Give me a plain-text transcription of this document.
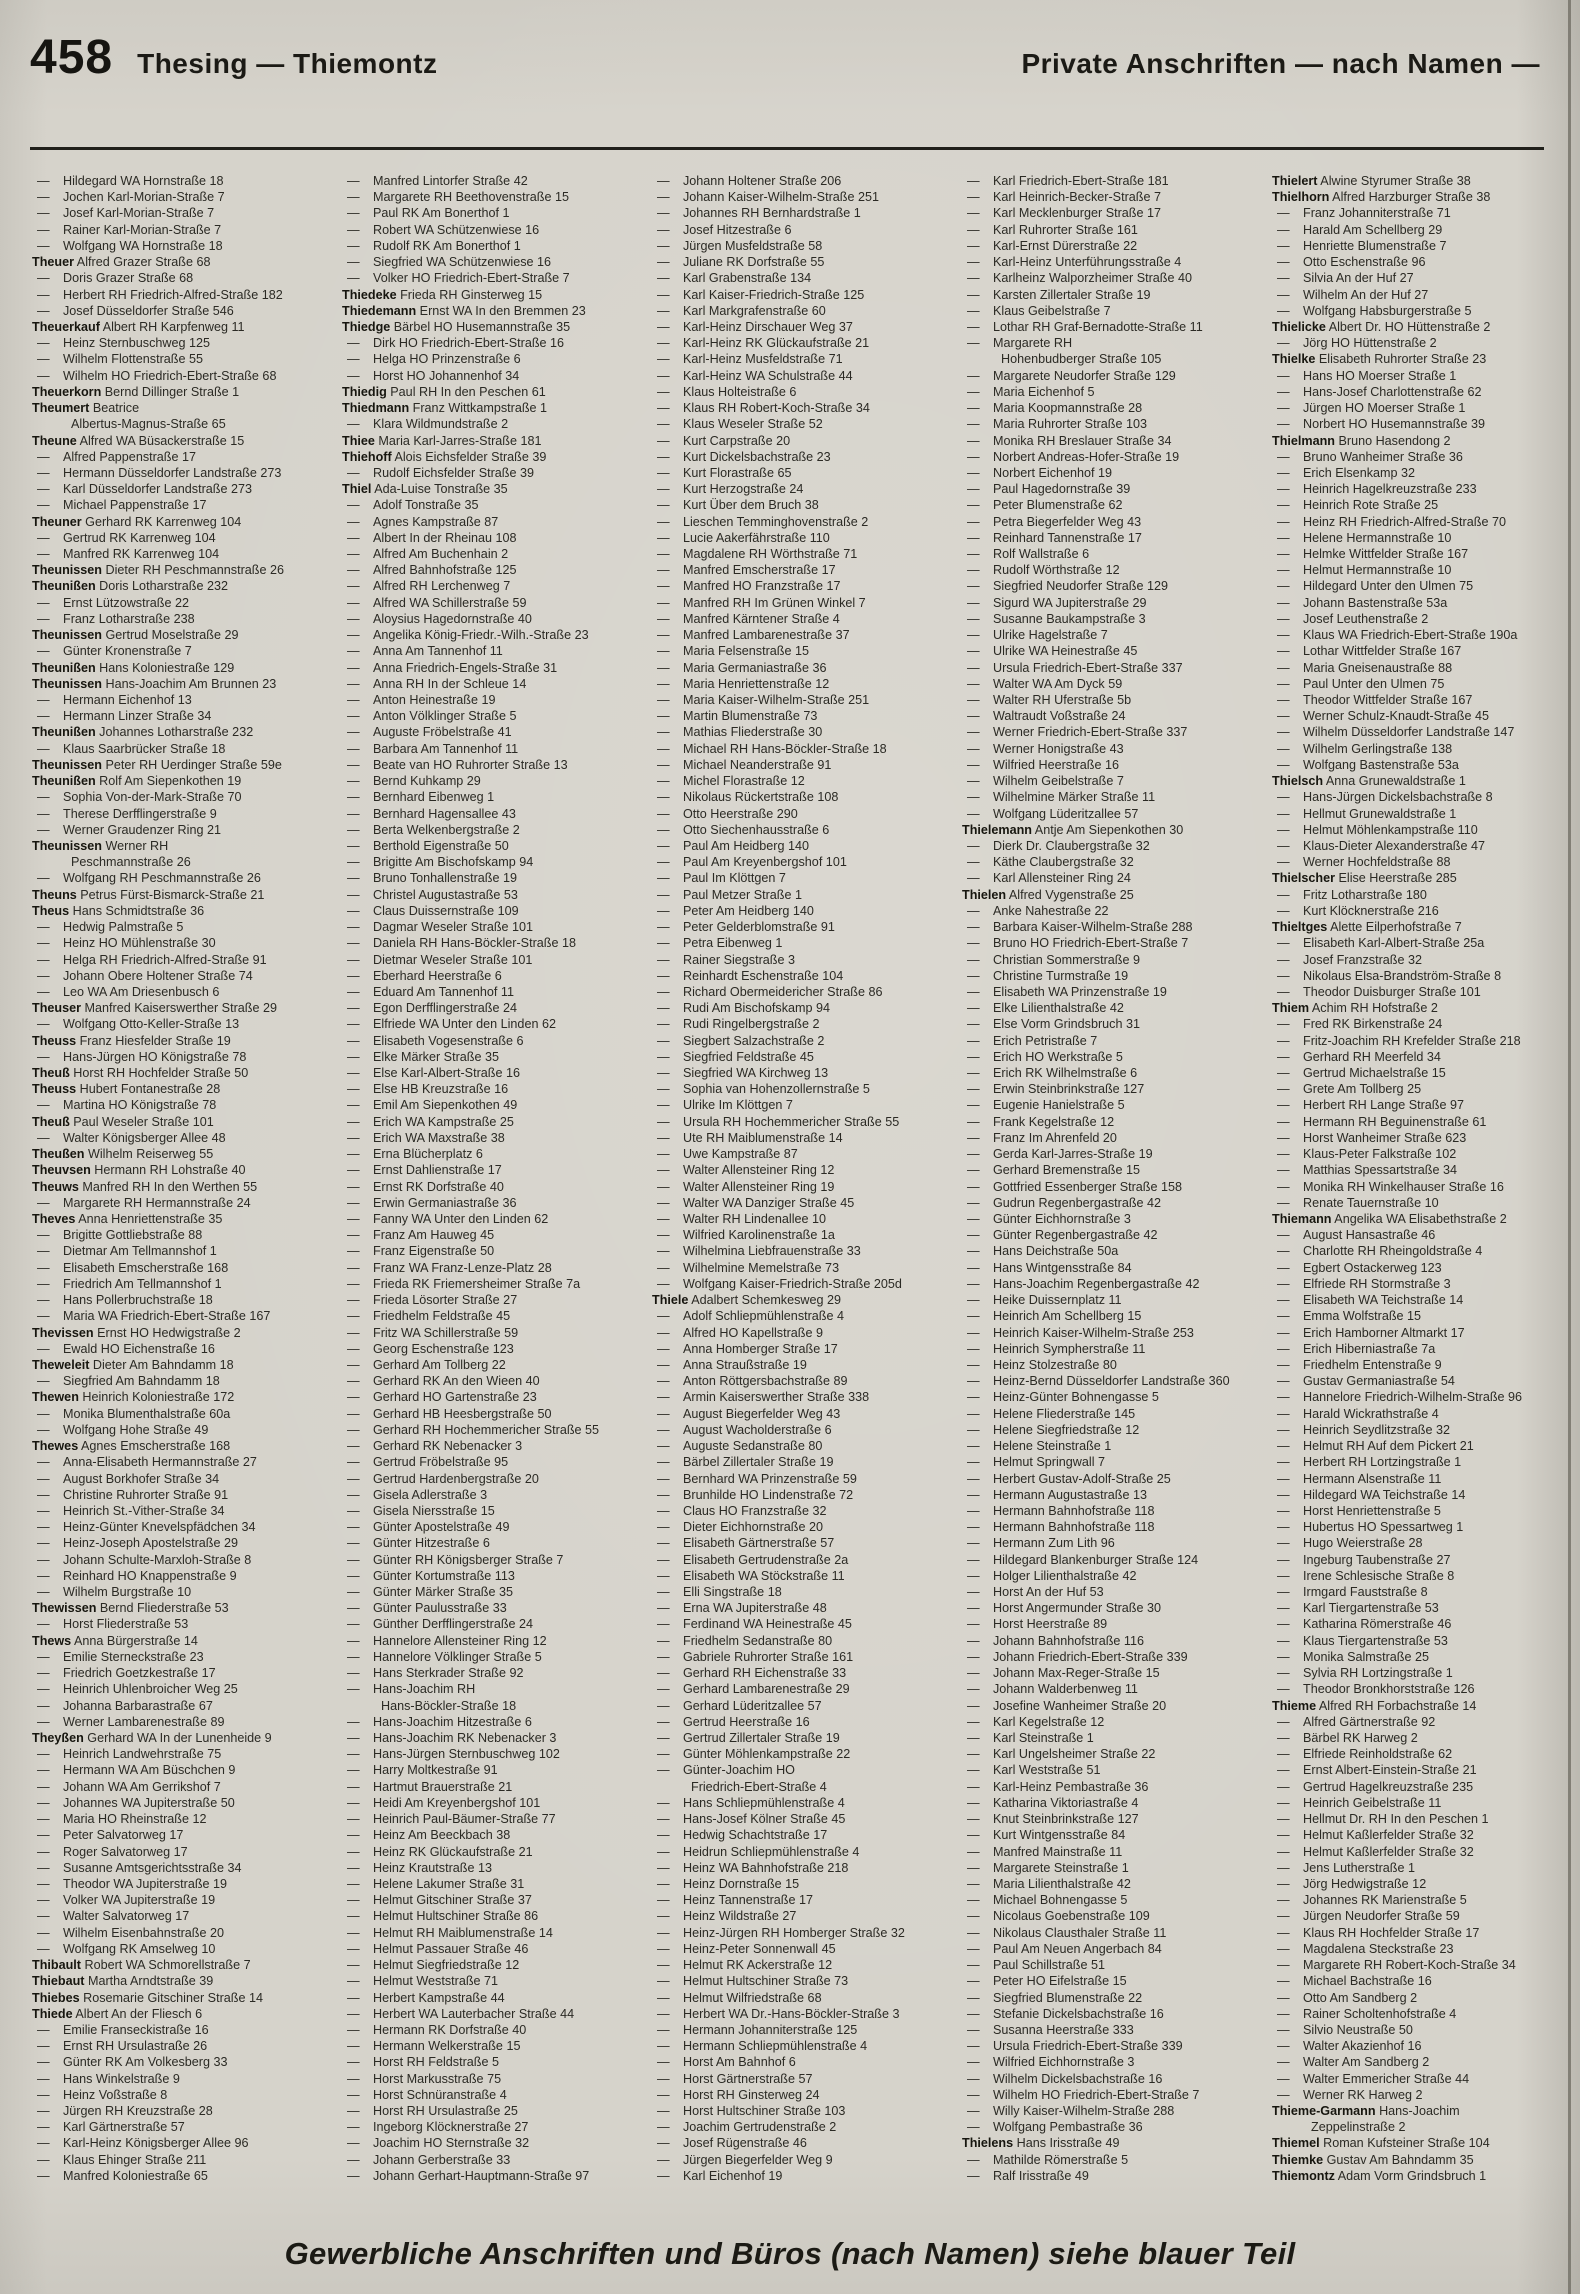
458 Thesing — Thiemontz	Private Anschriften — nach Namen —
— Hildegard WA Hornstraße 18
— Jochen Karl-Morian-Straße 7
— Josef Karl-Morian-Straße 7
— Rainer Karl-Morian-Straße 7
— Wolfgang WA Hornstraße 18
Theuer Alfred Grazer Straße 68
— Doris Grazer Straße 68
— Herbert RH Friedrich-Alfred-Straße 182
— Josef Düsseldorfer Straße 546
Theuerkauf Albert RH Karpfenweg 11
— Heinz Sternbuschweg 125
— Wilhelm Flottenstraße 55
— Wilhelm HO Friedrich-Ebert-Straße 68
Theuerkorn Bernd Dillinger Straße 1
Theumert Beatrice
Albertus-Magnus-Straße 65
Theune Alfred WA Büsackerstraße 15
— Alfred Pappenstraße 17
— Hermann Düsseldorfer Landstraße 273
— Karl Düsseldorfer Landstraße 273
— Michael Pappenstraße 17
Theuner Gerhard RK Karrenweg 104
— Gertrud RK Karrenweg 104
— Manfred RK Karrenweg 104
Theunissen Dieter RH Peschmannstraße 26
Theunißen Doris Lotharstraße 232
— Ernst Lützowstraße 22
— Franz Lotharstraße 238
Theunissen Gertrud Moselstraße 29
— Günter Kronenstraße 7
Theunißen Hans Koloniestraße 129
Theunissen Hans-Joachim Am Brunnen 23
— Hermann Eichenhof 13
— Hermann Linzer Straße 34
Theunißen Johannes Lotharstraße 232
— Klaus Saarbrücker Straße 18
Theunissen Peter RH Uerdinger Straße 59e
Theunißen Rolf Am Siepenkothen 19
— Sophia Von-der-Mark-Straße 70
— Therese Derfflingerstraße 9
— Werner Graudenzer Ring 21
Theunissen Werner RH
Peschmannstraße 26
— Wolfgang RH Peschmannstraße 26
Theuns Petrus Fürst-Bismarck-Straße 21
Theus Hans Schmidtstraße 36
— Hedwig Palmstraße 5
— Heinz HO Mühlenstraße 30
— Helga RH Friedrich-Alfred-Straße 91
— Johann Obere Holtener Straße 74
— Leo WA Am Driesenbusch 6
Theuser Manfred Kaiserswerther Straße 29
— Wolfgang Otto-Keller-Straße 13
Theuss Franz Hiesfelder Straße 19
— Hans-Jürgen HO Königstraße 78
Theuß Horst RH Hochfelder Straße 50
Theuss Hubert Fontanestraße 28
— Martina HO Königstraße 78
Theuß Paul Weseler Straße 101
— Walter Königsberger Allee 48
Theußen Wilhelm Reiserweg 55
Theuvsen Hermann RH Lohstraße 40
Theuws Manfred RH In den Werthen 55
— Margarete RH Hermannstraße 24
Theves Anna Henriettenstraße 35
— Brigitte Gottliebstraße 88
— Dietmar Am Tellmannshof 1
— Elisabeth Emscherstraße 168
— Friedrich Am Tellmannshof 1
— Hans Pollerbruchstraße 18
— Maria WA Friedrich-Ebert-Straße 167
Thevissen Ernst HO Hedwigstraße 2
— Ewald HO Eichenstraße 16
Theweleit Dieter Am Bahndamm 18
— Siegfried Am Bahndamm 18
Thewen Heinrich Koloniestraße 172
— Monika Blumenthalstraße 60a
— Wolfgang Hohe Straße 49
Thewes Agnes Emscherstraße 168
— Anna-Elisabeth Hermannstraße 27
— August Borkhofer Straße 34
— Christine Ruhrorter Straße 91
— Heinrich St.-Vither-Straße 34
— Heinz-Günter Knevelspfädchen 34
— Heinz-Joseph Apostelstraße 29
— Johann Schulte-Marxloh-Straße 8
— Reinhard HO Knappenstraße 9
— Wilhelm Burgstraße 10
Thewissen Bernd Fliederstraße 53
— Horst Fliederstraße 53
Thews Anna Bürgerstraße 14
— Emilie Sterneckstraße 23
— Friedrich Goetzkestraße 17
— Heinrich Uhlenbroicher Weg 25
— Johanna Barbarastraße 67
— Werner Lambarenestraße 89
Theyßen Gerhard WA In der Lunenheide 9
— Heinrich Landwehrstraße 75
— Hermann WA Am Büschchen 9
— Johann WA Am Gerrikshof 7
— Johannes WA Jupiterstraße 50
— Maria HO Rheinstraße 12
— Peter Salvatorweg 17
— Roger Salvatorweg 17
— Susanne Amtsgerichtsstraße 34
— Theodor WA Jupiterstraße 19
— Volker WA Jupiterstraße 19
— Walter Salvatorweg 17
— Wilhelm Eisenbahnstraße 20
— Wolfgang RK Amselweg 10
Thibault Robert WA Schmorellstraße 7
Thiebaut Martha Arndtstraße 39
Thiebes Rosemarie Gitschiner Straße 14
Thiede Albert An der Fliesch 6
— Emilie Franseckistraße 16
— Ernst RH Ursulastraße 26
— Günter RK Am Volkesberg 33
— Hans Winkelstraße 9
— Heinz Voßstraße 8
— Jürgen RH Kreuzstraße 28
— Karl Gärtnerstraße 57
— Karl-Heinz Königsberger Allee 96
— Klaus Ehinger Straße 211
— Manfred Koloniestraße 65
— Manfred Lintorfer Straße 42
— Margarete RH Beethovenstraße 15
— Paul RK Am Bonerthof 1
— Robert WA Schützenwiese 16
— Rudolf RK Am Bonerthof 1
— Siegfried WA Schützenwiese 16
— Volker HO Friedrich-Ebert-Straße 7
Thiedeke Frieda RH Ginsterweg 15
Thiedemann Ernst WA In den Bremmen 23
Thiedge Bärbel HO Husemannstraße 35
— Dirk HO Friedrich-Ebert-Straße 16
— Helga HO Prinzenstraße 6
— Horst HO Johannenhof 34
Thiedig Paul RH In den Peschen 61
Thiedmann Franz Wittkampstraße 1
— Klara Wildmundstraße 2
Thiee Maria Karl-Jarres-Straße 181
Thiehoff Alois Eichsfelder Straße 39
— Rudolf Eichsfelder Straße 39
Thiel Ada-Luise Tonstraße 35
— Adolf Tonstraße 35
— Agnes Kampstraße 87
— Albert In der Rheinau 108
— Alfred Am Buchenhain 2
— Alfred Bahnhofstraße 125
— Alfred RH Lerchenweg 7
— Alfred WA Schillerstraße 59
— Aloysius Hagedornstraße 40
— Angelika König-Friedr.-Wilh.-Straße 23
— Anna Am Tannenhof 11
— Anna Friedrich-Engels-Straße 31
— Anna RH In der Schleue 14
— Anton Heinestraße 19
— Anton Völklinger Straße 5
— Auguste Fröbelstraße 41
— Barbara Am Tannenhof 11
— Beate van HO Ruhrorter Straße 13
— Bernd Kuhkamp 29
— Bernhard Eibenweg 1
— Bernhard Hagensallee 43
— Berta Welkenbergstraße 2
— Berthold Eigenstraße 50
— Brigitte Am Bischofskamp 94
— Bruno Tonhallenstraße 19
— Christel Augustastraße 53
— Claus Duissernstraße 109
— Dagmar Weseler Straße 101
— Daniela RH Hans-Böckler-Straße 18
— Dietmar Weseler Straße 101
— Eberhard Heerstraße 6
— Eduard Am Tannenhof 11
— Egon Derfflingerstraße 24
— Elfriede WA Unter den Linden 62
— Elisabeth Vogesenstraße 6
— Elke Märker Straße 35
— Else Karl-Albert-Straße 16
— Else HB Kreuzstraße 16
— Emil Am Siepenkothen 49
— Erich WA Kampstraße 25
— Erich WA Maxstraße 38
— Erna Blücherplatz 6
— Ernst Dahlienstraße 17
— Ernst RK Dorfstraße 40
— Erwin Germaniastraße 36
— Fanny WA Unter den Linden 62
— Franz Am Hauweg 45
— Franz Eigenstraße 50
— Franz WA Franz-Lenze-Platz 28
— Frieda RK Friemersheimer Straße 7a
— Frieda Lösorter Straße 27
— Friedhelm Feldstraße 45
— Fritz WA Schillerstraße 59
— Georg Eschenstraße 123
— Gerhard Am Tollberg 22
— Gerhard RK An den Wieen 40
— Gerhard HO Gartenstraße 23
— Gerhard HB Heesbergstraße 50
— Gerhard RH Hochemmericher Straße 55
— Gerhard RK Nebenacker 3
— Gertrud Fröbelstraße 95
— Gertrud Hardenbergstraße 20
— Gisela Adlerstraße 3
— Gisela Niersstraße 15
— Günter Apostelstraße 49
— Günter Hitzestraße 6
— Günter RH Königsberger Straße 7
— Günter Kortumstraße 113
— Günter Märker Straße 35
— Günter Paulusstraße 33
— Günther Derfflingerstraße 24
— Hannelore Allensteiner Ring 12
— Hannelore Völklinger Straße 5
— Hans Sterkrader Straße 92
— Hans-Joachim RH
Hans-Böckler-Straße 18
— Hans-Joachim Hitzestraße 6
— Hans-Joachim RK Nebenacker 3
— Hans-Jürgen Sternbuschweg 102
— Harry Moltkestraße 91
— Hartmut Brauerstraße 21
— Heidi Am Kreyenbergshof 101
— Heinrich Paul-Bäumer-Straße 77
— Heinz Am Beeckbach 38
— Heinz RK Glückaufstraße 21
— Heinz Krautstraße 13
— Helene Lakumer Straße 31
— Helmut Gitschiner Straße 37
— Helmut Hultschiner Straße 86
— Helmut RH Maiblumenstraße 14
— Helmut Passauer Straße 46
— Helmut Siegfriedstraße 12
— Helmut Weststraße 71
— Herbert Kampstraße 44
— Herbert WA Lauterbacher Straße 44
— Hermann RK Dorfstraße 40
— Hermann Welkerstraße 15
— Horst RH Feldstraße 5
— Horst Markusstraße 75
— Horst Schnüranstraße 4
— Horst RH Ursulastraße 25
— Ingeborg Klöcknerstraße 27
— Joachim HO Sternstraße 32
— Johann Gerberstraße 33
— Johann Gerhart-Hauptmann-Straße 97
— Johann Holtener Straße 206
— Johann Kaiser-Wilhelm-Straße 251
— Johannes RH Bernhardstraße 1
— Josef Hitzestraße 6
— Jürgen Musfeldstraße 58
— Juliane RK Dorfstraße 55
— Karl Grabenstraße 134
— Karl Kaiser-Friedrich-Straße 125
— Karl Markgrafenstraße 60
— Karl-Heinz Dirschauer Weg 37
— Karl-Heinz RK Glückaufstraße 21
— Karl-Heinz Musfeldstraße 71
— Karl-Heinz WA Schulstraße 44
— Klaus Holteistraße 6
— Klaus RH Robert-Koch-Straße 34
— Klaus Weseler Straße 52
— Kurt Carpstraße 20
— Kurt Dickelsbachstraße 23
— Kurt Florastraße 65
— Kurt Herzogstraße 24
— Kurt Über dem Bruch 38
— Lieschen Temminghovenstraße 2
— Lucie Aakerfährstraße 110
— Magdalene RH Wörthstraße 71
— Manfred Emscherstraße 17
— Manfred HO Franzstraße 17
— Manfred RH Im Grünen Winkel 7
— Manfred Kärntener Straße 4
— Manfred Lambarenestraße 37
— Maria Felsenstraße 15
— Maria Germaniastraße 36
— Maria Henriettenstraße 12
— Maria Kaiser-Wilhelm-Straße 251
— Martin Blumenstraße 73
— Mathias Fliederstraße 30
— Michael RH Hans-Böckler-Straße 18
— Michael Neanderstraße 91
— Michel Florastraße 12
— Nikolaus Rückertstraße 108
— Otto Heerstraße 290
— Otto Siechenhausstraße 6
— Paul Am Heidberg 140
— Paul Am Kreyenbergshof 101
— Paul Im Klöttgen 7
— Paul Metzer Straße 1
— Peter Am Heidberg 140
— Peter Gelderblomstraße 91
— Petra Eibenweg 1
— Rainer Siegstraße 3
— Reinhardt Eschenstraße 104
— Richard Obermeidericher Straße 86
— Rudi Am Bischofskamp 94
— Rudi Ringelbergstraße 2
— Siegbert Salzachstraße 2
— Siegfried Feldstraße 45
— Siegfried WA Kirchweg 13
— Sophia van Hohenzollernstraße 5
— Ulrike Im Klöttgen 7
— Ursula RH Hochemmericher Straße 55
— Ute RH Maiblumenstraße 14
— Uwe Kampstraße 87
— Walter Allensteiner Ring 12
— Walter Allensteiner Ring 19
— Walter WA Danziger Straße 45
— Walter RH Lindenallee 10
— Wilfried Karolinenstraße 1a
— Wilhelmina Liebfrauenstraße 33
— Wilhelmine Memelstraße 73
— Wolfgang Kaiser-Friedrich-Straße 205d
Thiele Adalbert Schemkesweg 29
— Adolf Schliepmühlenstraße 4
— Alfred HO Kapellstraße 9
— Anna Homberger Straße 17
— Anna Straußstraße 19
— Anton Röttgersbachstraße 89
— Armin Kaiserswerther Straße 338
— August Biegerfelder Weg 43
— August Wacholderstraße 6
— Auguste Sedanstraße 80
— Bärbel Zillertaler Straße 19
— Bernhard WA Prinzenstraße 59
— Brunhilde HO Lindenstraße 72
— Claus HO Franzstraße 32
— Dieter Eichhornstraße 20
— Elisabeth Gärtnerstraße 57
— Elisabeth Gertrudenstraße 2a
— Elisabeth WA Stöckstraße 11
— Elli Singstraße 18
— Erna WA Jupiterstraße 48
— Ferdinand WA Heinestraße 45
— Friedhelm Sedanstraße 80
— Gabriele Ruhrorter Straße 161
— Gerhard RH Eichenstraße 33
— Gerhard Lambarenestraße 29
— Gerhard Lüderitzallee 57
— Gertrud Heerstraße 16
— Gertrud Zillertaler Straße 19
— Günter Möhlenkampstraße 22
— Günter-Joachim HO
Friedrich-Ebert-Straße 4
— Hans Schliepmühlenstraße 4
— Hans-Josef Kölner Straße 45
— Hedwig Schachtstraße 17
— Heidrun Schliepmühlenstraße 4
— Heinz WA Bahnhofstraße 218
— Heinz Dornstraße 15
— Heinz Tannenstraße 17
— Heinz Wildstraße 27
— Heinz-Jürgen RH Homberger Straße 32
— Heinz-Peter Sonnenwall 45
— Helmut RK Ackerstraße 12
— Helmut Hultschiner Straße 73
— Helmut Wilfriedstraße 68
— Herbert WA Dr.-Hans-Böckler-Straße 3
— Hermann Johanniterstraße 125
— Hermann Schliepmühlenstraße 4
— Horst Am Bahnhof 6
— Horst Gärtnerstraße 57
— Horst RH Ginsterweg 24
— Horst Hultschiner Straße 103
— Joachim Gertrudenstraße 2
— Josef Rügenstraße 46
— Jürgen Biegerfelder Weg 9
— Karl Eichenhof 19
— Karl Friedrich-Ebert-Straße 181
— Karl Heinrich-Becker-Straße 7
— Karl Mecklenburger Straße 17
— Karl Ruhrorter Straße 161
— Karl-Ernst Dürerstraße 22
— Karl-Heinz Unterführungsstraße 4
— Karlheinz Walporzheimer Straße 40
— Karsten Zillertaler Straße 19
— Klaus Geibelstraße 7
— Lothar RH Graf-Bernadotte-Straße 11
— Margarete RH
Hohenbudberger Straße 105
— Margarete Neudorfer Straße 129
— Maria Eichenhof 5
— Maria Koopmannstraße 28
— Maria Ruhrorter Straße 103
— Monika RH Breslauer Straße 34
— Norbert Andreas-Hofer-Straße 19
— Norbert Eichenhof 19
— Paul Hagedornstraße 39
— Peter Blumenstraße 62
— Petra Biegerfelder Weg 43
— Reinhard Tannenstraße 17
— Rolf Wallstraße 6
— Rudolf Wörthstraße 12
— Siegfried Neudorfer Straße 129
— Sigurd WA Jupiterstraße 29
— Susanne Baukampstraße 3
— Ulrike Hagelstraße 7
— Ulrike WA Heinestraße 45
— Ursula Friedrich-Ebert-Straße 337
— Walter WA Am Dyck 59
— Walter RH Uferstraße 5b
— Waltraudt Voßstraße 24
— Werner Friedrich-Ebert-Straße 337
— Werner Honigstraße 43
— Wilfried Heerstraße 16
— Wilhelm Geibelstraße 7
— Wilhelmine Märker Straße 11
— Wolfgang Lüderitzallee 57
Thielemann Antje Am Siepenkothen 30
— Dierk Dr. Claubergstraße 32
— Käthe Claubergstraße 32
— Karl Allensteiner Ring 24
Thielen Alfred Vygenstraße 25
— Anke Nahestraße 22
— Barbara Kaiser-Wilhelm-Straße 288
— Bruno HO Friedrich-Ebert-Straße 7
— Christian Sommerstraße 9
— Christine Turmstraße 19
— Elisabeth WA Prinzenstraße 19
— Elke Lilienthalstraße 42
— Else Vorm Grindsbruch 31
— Erich Petristraße 7
— Erich HO Werkstraße 5
— Erich RK Wilhelmstraße 6
— Erwin Steinbrinkstraße 127
— Eugenie Hanielstraße 5
— Frank Kegelstraße 12
— Franz Im Ahrenfeld 20
— Gerda Karl-Jarres-Straße 19
— Gerhard Bremenstraße 15
— Gottfried Essenberger Straße 158
— Gudrun Regenbergastraße 42
— Günter Eichhornstraße 3
— Günter Regenbergastraße 42
— Hans Deichstraße 50a
— Hans Wintgensstraße 84
— Hans-Joachim Regenbergastraße 42
— Heike Duissernplatz 11
— Heinrich Am Schellberg 15
— Heinrich Kaiser-Wilhelm-Straße 253
— Heinrich Sympherstraße 11
— Heinz Stolzestraße 80
— Heinz-Bernd Düsseldorfer Landstraße 360
— Heinz-Günter Bohnengasse 5
— Helene Fliederstraße 145
— Helene Siegfriedstraße 12
— Helene Steinstraße 1
— Helmut Springwall 7
— Herbert Gustav-Adolf-Straße 25
— Hermann Augustastraße 13
— Hermann Bahnhofstraße 118
— Hermann Bahnhofstraße 118
— Hermann Zum Lith 96
— Hildegard Blankenburger Straße 124
— Holger Lilienthalstraße 42
— Horst An der Huf 53
— Horst Angermunder Straße 30
— Horst Heerstraße 89
— Johann Bahnhofstraße 116
— Johann Friedrich-Ebert-Straße 339
— Johann Max-Reger-Straße 15
— Johann Walderbenweg 11
— Josefine Wanheimer Straße 20
— Karl Kegelstraße 12
— Karl Steinstraße 1
— Karl Ungelsheimer Straße 22
— Karl Weststraße 51
— Karl-Heinz Pembastraße 36
— Katharina Viktoriastraße 4
— Knut Steinbrinkstraße 127
— Kurt Wintgensstraße 84
— Manfred Mainstraße 11
— Margarete Steinstraße 1
— Maria Lilienthalstraße 42
— Michael Bohnengasse 5
— Nicolaus Goebenstraße 109
— Nikolaus Clausthaler Straße 11
— Paul Am Neuen Angerbach 84
— Paul Schillstraße 51
— Peter HO Eifelstraße 15
— Siegfried Blumenstraße 22
— Stefanie Dickelsbachstraße 16
— Susanna Heerstraße 333
— Ursula Friedrich-Ebert-Straße 339
— Wilfried Eichhornstraße 3
— Wilhelm Dickelsbachstraße 16
— Wilhelm HO Friedrich-Ebert-Straße 7
— Willy Kaiser-Wilhelm-Straße 288
— Wolfgang Pembastraße 36
Thielens Hans Irisstraße 49
— Mathilde Römerstraße 5
— Ralf Irisstraße 49
Thielert Alwine Styrumer Straße 38
Thielhorn Alfred Harzburger Straße 38
— Franz Johanniterstraße 71
— Harald Am Schellberg 29
— Henriette Blumenstraße 7
— Otto Eschenstraße 96
— Silvia An der Huf 27
— Wilhelm An der Huf 27
— Wolfgang Habsburgerstraße 5
Thielicke Albert Dr. HO Hüttenstraße 2
— Jörg HO Hüttenstraße 2
Thielke Elisabeth Ruhrorter Straße 23
— Hans HO Moerser Straße 1
— Hans-Josef Charlottenstraße 62
— Jürgen HO Moerser Straße 1
— Norbert HO Husemannstraße 39
Thielmann Bruno Hasendong 2
— Bruno Wanheimer Straße 36
— Erich Elsenkamp 32
— Heinrich Hagelkreuzstraße 233
— Heinrich Rote Straße 25
— Heinz RH Friedrich-Alfred-Straße 70
— Helene Hermannstraße 10
— Helmke Wittfelder Straße 167
— Helmut Hermannstraße 10
— Hildegard Unter den Ulmen 75
— Johann Bastenstraße 53a
— Josef Leuthenstraße 2
— Klaus WA Friedrich-Ebert-Straße 190a
— Lothar Wittfelder Straße 167
— Maria Gneisenaustraße 88
— Paul Unter den Ulmen 75
— Theodor Wittfelder Straße 167
— Werner Schulz-Knaudt-Straße 45
— Wilhelm Düsseldorfer Landstraße 147
— Wilhelm Gerlingstraße 138
— Wolfgang Bastenstraße 53a
Thielsch Anna Grunewaldstraße 1
— Hans-Jürgen Dickelsbachstraße 8
— Hellmut Grunewaldstraße 1
— Helmut Möhlenkampstraße 110
— Klaus-Dieter Alexanderstraße 47
— Werner Hochfeldstraße 88
Thielscher Elise Heerstraße 285
— Fritz Lotharstraße 180
— Kurt Klöcknerstraße 216
Thieltges Alette Eilperhofstraße 7
— Elisabeth Karl-Albert-Straße 25a
— Josef Franzstraße 32
— Nikolaus Elsa-Brandström-Straße 8
— Theodor Duisburger Straße 101
Thiem Achim RH Hofstraße 2
— Fred RK Birkenstraße 24
— Fritz-Joachim RH Krefelder Straße 218
— Gerhard RH Meerfeld 34
— Gertrud Michaelstraße 15
— Grete Am Tollberg 25
— Herbert RH Lange Straße 97
— Hermann RH Beguinenstraße 61
— Horst Wanheimer Straße 623
— Klaus-Peter Falkstraße 102
— Matthias Spessartstraße 34
— Monika RH Winkelhauser Straße 16
— Renate Tauernstraße 10
Thiemann Angelika WA Elisabethstraße 2
— August Hansastraße 46
— Charlotte RH Rheingoldstraße 4
— Egbert Ostackerweg 123
— Elfriede RH Stormstraße 3
— Elisabeth WA Teichstraße 14
— Emma Wolfstraße 15
— Erich Hamborner Altmarkt 17
— Erich Hiberniastraße 7a
— Friedhelm Entenstraße 9
— Gustav Germaniastraße 54
— Hannelore Friedrich-Wilhelm-Straße 96
— Harald Wickrathstraße 4
— Heinrich Seydlitzstraße 32
— Helmut RH Auf dem Pickert 21
— Herbert RH Lortzingstraße 1
— Hermann Alsenstraße 11
— Hildegard WA Teichstraße 14
— Horst Henriettenstraße 5
— Hubertus HO Spessartweg 1
— Hugo Weierstraße 28
— Ingeburg Taubenstraße 27
— Irene Schlesische Straße 8
— Irmgard Fauststraße 8
— Karl Tiergartenstraße 53
— Katharina Römerstraße 46
— Klaus Tiergartenstraße 53
— Monika Salmstraße 25
— Sylvia RH Lortzingstraße 1
— Theodor Bronkhorststraße 126
Thieme Alfred RH Forbachstraße 14
— Alfred Gärtnerstraße 92
— Bärbel RK Harweg 2
— Elfriede Reinholdstraße 62
— Ernst Albert-Einstein-Straße 21
— Gertrud Hagelkreuzstraße 235
— Heinrich Geibelstraße 11
— Hellmut Dr. RH In den Peschen 1
— Helmut Kaßlerfelder Straße 32
— Helmut Kaßlerfelder Straße 32
— Jens Lutherstraße 1
— Jörg Hedwigstraße 12
— Johannes RK Marienstraße 5
— Jürgen Neudorfer Straße 59
— Klaus RH Hochfelder Straße 17
— Magdalena Steckstraße 23
— Margarete RH Robert-Koch-Straße 34
— Michael Bachstraße 16
— Otto Am Sandberg 2
— Rainer Scholtenhofstraße 4
— Silvio Neustraße 50
— Walter Akazienhof 16
— Walter Am Sandberg 2
— Walter Emmericher Straße 44
— Werner RK Harweg 2
Thieme-Garmann Hans-Joachim
Zeppelinstraße 2
Thiemel Roman Kufsteiner Straße 104
Thiemke Gustav Am Bahndamm 35
Thiemontz Adam Vorm Grindsbruch 1
Gewerbliche Anschriften und Büros (nach Namen) siehe blauer Teil
